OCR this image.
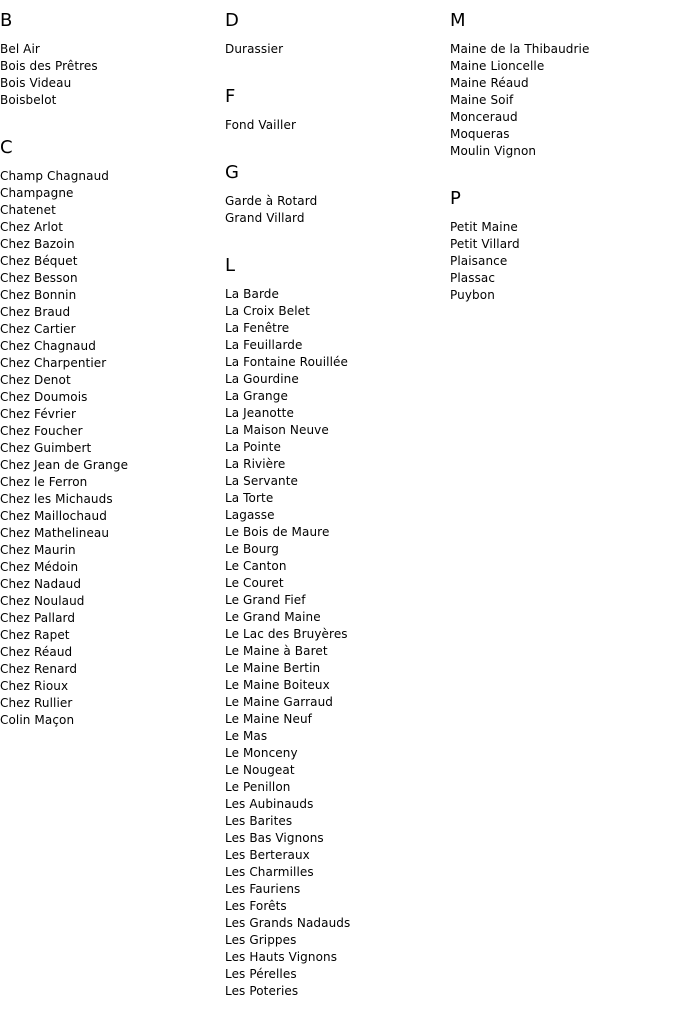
B
Bel Air
Bois des Prêtres
Bois Videau
Boisbelot
C
Champ Chagnaud
Champagne
Chatenet
Chez Arlot
Chez Bazoin
Chez Béquet
Chez Besson
Chez Bonnin
Chez Braud
Chez Cartier
Chez Chagnaud
Chez Charpentier
Chez Denot
Chez Doumois
Chez Février
Chez Foucher
Chez Guimbert
Chez Jean de Grange
Chez le Ferron
Chez les Michauds
Chez Maillochaud
Chez Mathelineau
Chez Maurin
Chez Médoin
Chez Nadaud
Chez Noulaud
Chez Pallard
Chez Rapet
Chez Réaud
Chez Renard
Chez Rioux
Chez Rullier
Colin Maçon
D
Durassier
F
Fond Vailler
G
Garde à Rotard
Grand Villard
L
La Barde
La Croix Belet
La Fenêtre
La Feuillarde
La Fontaine Rouillée
La Gourdine
La Grange
La Jeanotte
La Maison Neuve
La Pointe
La Rivière
La Servante
La Torte
Lagasse
Le Bois de Maure
Le Bourg
Le Canton
Le Couret
Le Grand Fief
Le Grand Maine
Le Lac des Bruyères
Le Maine à Baret
Le Maine Bertin
Le Maine Boiteux
Le Maine Garraud
Le Maine Neuf
Le Mas
Le Monceny
Le Nougeat
Le Penillon
Les Aubinauds
Les Barites
Les Bas Vignons
Les Berteraux
Les Charmilles
Les Fauriens
Les Forêts
Les Grands Nadauds
Les Grippes
Les Hauts Vignons
Les Pérelles
Les Poteries
M
Maine de la Thibaudrie
Maine Lioncelle
Maine Réaud
Maine Soif
Monceraud
Moqueras
Moulin Vignon
P
Petit Maine
Petit Villard
Plaisance
Plassac
Puybon
